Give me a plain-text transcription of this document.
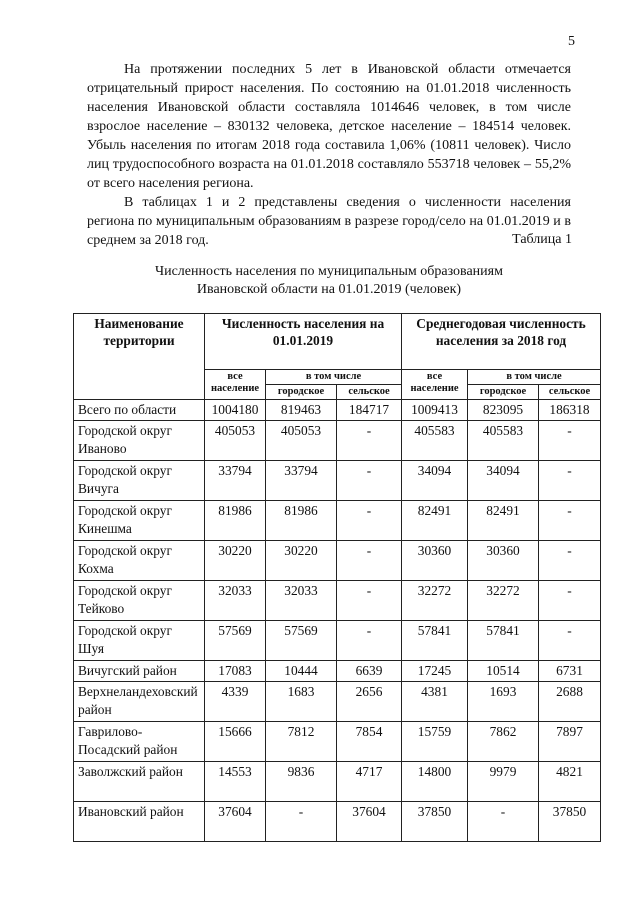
5

На протяжении последних 5 лет в Ивановской области отмечается отрицательный прирост населения. По состоянию на 01.01.2018 численность населения Ивановской области составляла 1014646 человек, в том числе взрослое население – 830132 человека, детское население – 184514 человек. Убыль населения по итогам 2018 года составила 1,06% (10811 человек). Число лиц трудоспособного возраста на 01.01.2018 составляло 553718 человек – 55,2% от всего населения региона.

В таблицах 1 и 2 представлены сведения о численности населения региона по муниципальным образованиям в разрезе город/село на 01.01.2019 и в среднем за 2018 год.	Таблица 1
Численность населения по муниципальным образованиям
Ивановской области на 01.01.2019 (человек)
Наименование территории	Численность населения на 01.01.2019			Среднегодовая численность населения за 2018 год		
	все население	в том числе		все население	в том числе	
		городское	сельское		городское	сельское
Всего по области	1004180	819463	184717	1009413	823095	186318
Городской округ Иваново	405053	405053	-	405583	405583	-
Городской округ Вичуга	33794	33794	-	34094	34094	-
Городской округ Кинешма	81986	81986	-	82491	82491	-
Городской округ Кохма	30220	30220	-	30360	30360	-
Городской округ Тейково	32033	32033	-	32272	32272	-
Городской округ Шуя	57569	57569	-	57841	57841	-
Вичугский район	17083	10444	6639	17245	10514	6731
Верхнеландеховский район	4339	1683	2656	4381	1693	2688
Гаврилово-Посадский район	15666	7812	7854	15759	7862	7897
Заволжский район	14553	9836	4717	14800	9979	4821
Ивановский район	37604	-	37604	37850	-	37850
